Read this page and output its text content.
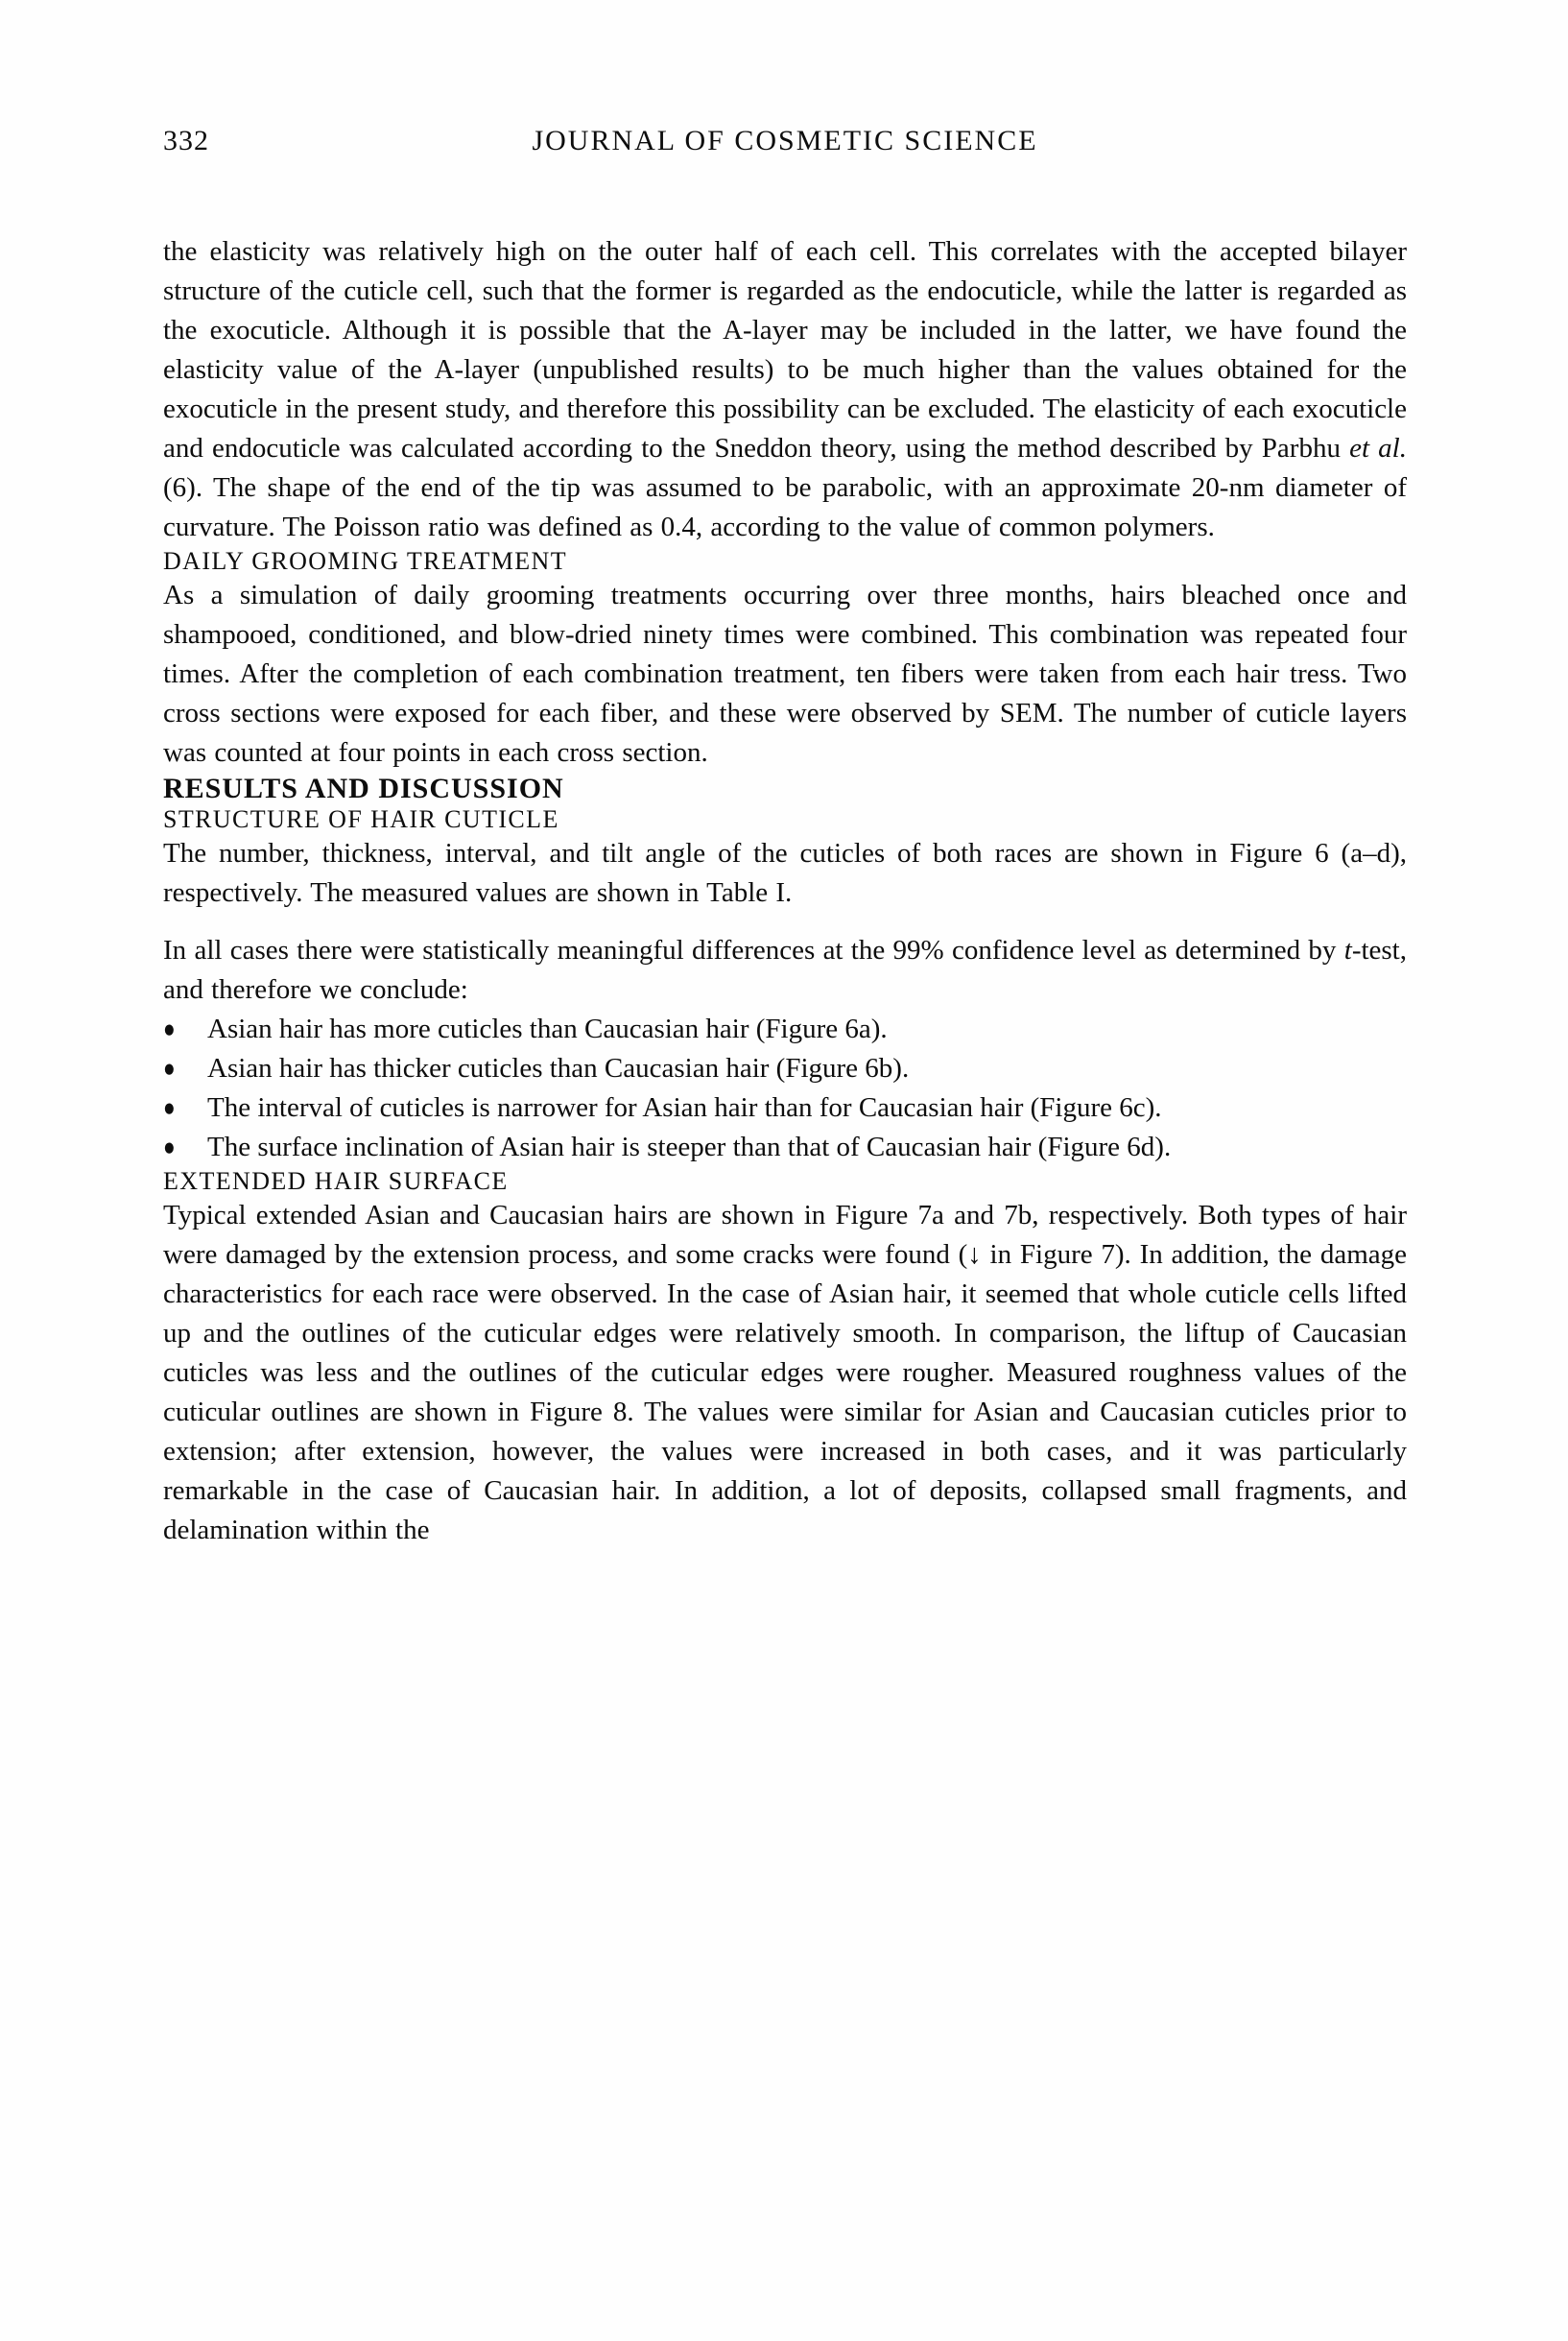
332	JOURNAL OF COSMETIC SCIENCE

the elasticity was relatively high on the outer half of each cell. This correlates with the accepted bilayer structure of the cuticle cell, such that the former is regarded as the endocuticle, while the latter is regarded as the exocuticle. Although it is possible that the A-layer may be included in the latter, we have found the elasticity value of the A-layer (unpublished results) to be much higher than the values obtained for the exocuticle in the present study, and therefore this possibility can be excluded. The elasticity of each exocuticle and endocuticle was calculated according to the Sneddon theory, using the method described by Parbhu et al. (6). The shape of the end of the tip was assumed to be parabolic, with an approximate 20-nm diameter of curvature. The Poisson ratio was defined as 0.4, according to the value of common polymers.

DAILY GROOMING TREATMENT

As a simulation of daily grooming treatments occurring over three months, hairs bleached once and shampooed, conditioned, and blow-dried ninety times were combined. This combination was repeated four times. After the completion of each combination treatment, ten fibers were taken from each hair tress. Two cross sections were exposed for each fiber, and these were observed by SEM. The number of cuticle layers was counted at four points in each cross section.

RESULTS AND DISCUSSION
STRUCTURE OF HAIR CUTICLE

The number, thickness, interval, and tilt angle of the cuticles of both races are shown in Figure 6 (a–d), respectively. The measured values are shown in Table I.

In all cases there were statistically meaningful differences at the 99% confidence level as determined by t-test, and therefore we conclude:

●	Asian hair has more cuticles than Caucasian hair (Figure 6a).
●	Asian hair has thicker cuticles than Caucasian hair (Figure 6b).
●	The interval of cuticles is narrower for Asian hair than for Caucasian hair (Figure 6c).
●	The surface inclination of Asian hair is steeper than that of Caucasian hair (Figure 6d).
EXTENDED HAIR SURFACE

Typical extended Asian and Caucasian hairs are shown in Figure 7a and 7b, respectively. Both types of hair were damaged by the extension process, and some cracks were found (↓ in Figure 7). In addition, the damage characteristics for each race were observed. In the case of Asian hair, it seemed that whole cuticle cells lifted up and the outlines of the cuticular edges were relatively smooth. In comparison, the liftup of Caucasian cuticles was less and the outlines of the cuticular edges were rougher. Measured roughness values of the cuticular outlines are shown in Figure 8. The values were similar for Asian and Caucasian cuticles prior to extension; after extension, however, the values were increased in both cases, and it was particularly remarkable in the case of Caucasian hair. In addition, a lot of deposits, collapsed small fragments, and delamination within the
